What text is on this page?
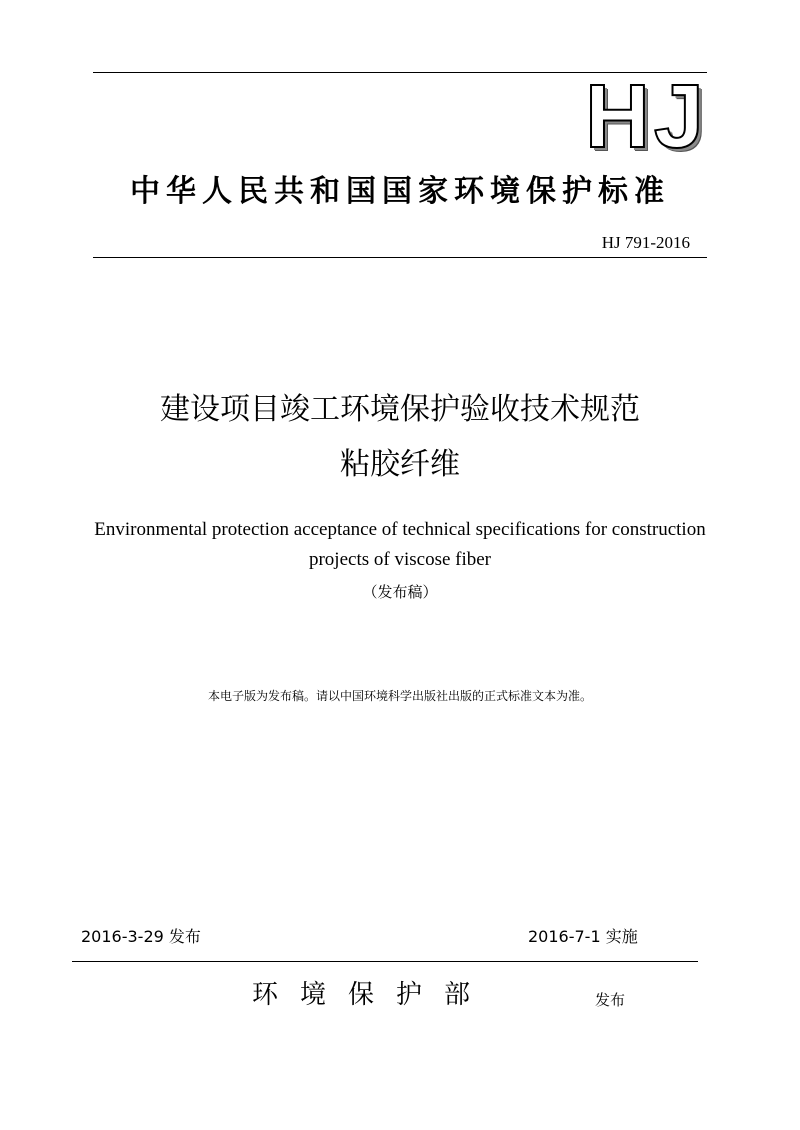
HJ
中华人民共和国国家环境保护标准
HJ 791-2016
建设项目竣工环境保护验收技术规范
粘胶纤维
Environmental protection acceptance of technical specifications for construction
projects of viscose fiber
（发布稿）
本电子版为发布稿。请以中国环境科学出版社出版的正式标准文本为准。
2016-3-29 发布	2016-7-1 实施
环境保护部	发布
